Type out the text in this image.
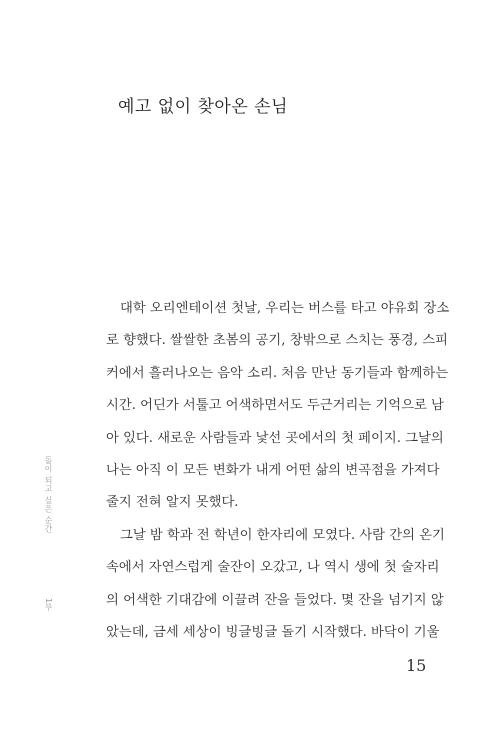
예고 없이 찾아온 손님
대학 오리엔테이션 첫날, 우리는 버스를 타고 야유회 장소
로 향했다. 쌀쌀한 초봄의 공기, 창밖으로 스치는 풍경, 스피
커에서 흘러나오는 음악 소리. 처음 만난 동기들과 함께하는
시간. 어딘가 서툴고 어색하면서도 두근거리는 기억으로 남
아 있다. 새로운 사람들과 낯선 곳에서의 첫 페이지. 그날의
나는 아직 이 모든 변화가 내게 어떤 삶의 변곡점을 가져다
줄지 전혀 알지 못했다.
그날 밤 학과 전 학년이 한자리에 모였다. 사람 간의 온기
속에서 자연스럽게 술잔이 오갔고, 나 역시 생에 첫 술자리
의 어색한 기대감에 이끌려 잔을 들었다. 몇 잔을 넘기지 않
았는데, 금세 세상이 빙글빙글 돌기 시작했다. 바닥이 기울
돌이 되고 싶은 순간
1부
15
